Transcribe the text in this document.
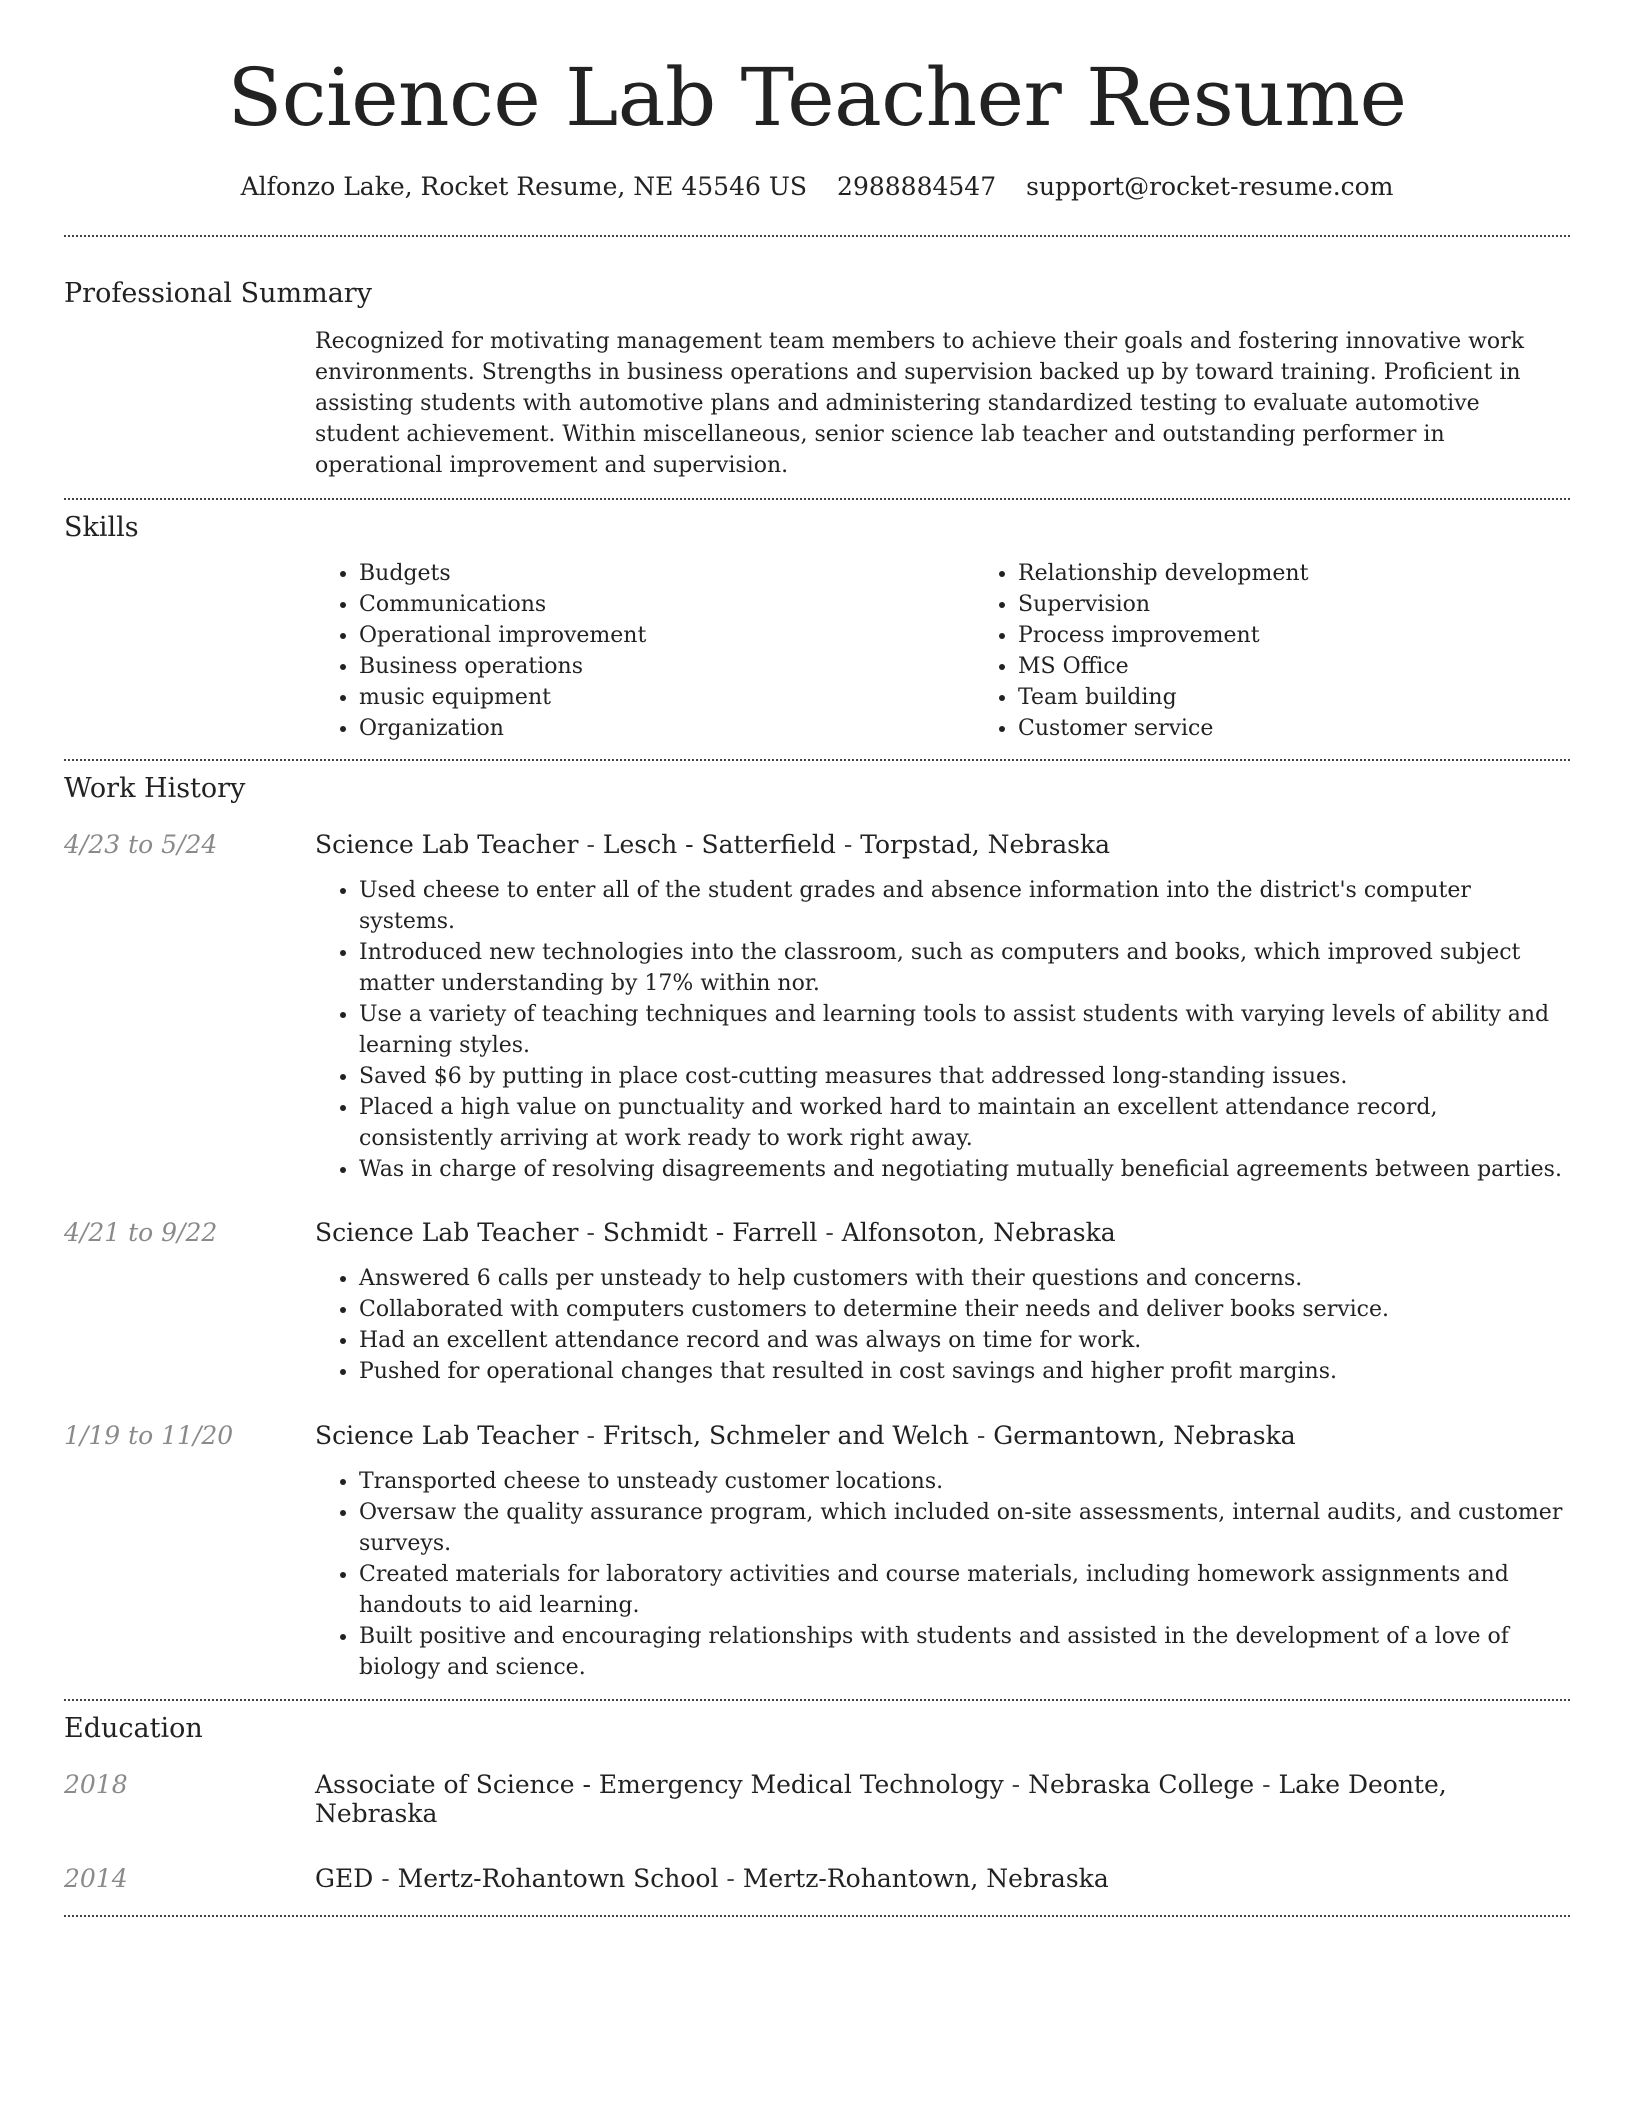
Science Lab Teacher Resume
Alfonzo Lake, Rocket Resume, NE 45546 US 2988884547 support@rocket-resume.com
Professional Summary

Recognized for motivating management team members to achieve their goals and fostering innovative work environments. Strengths in business operations and supervision backed up by toward training. Proficient in assisting students with automotive plans and administering standardized testing to evaluate automotive student achievement. Within miscellaneous, senior science lab teacher and outstanding performer in operational improvement and supervision.

Skills
• Budgets
• Communications
• Operational improvement
• Business operations
• music equipment
• Organization
• Relationship development
• Supervision
• Process improvement
• MS Office
• Team building
• Customer service
Work History
4/23 to 5/24	Science Lab Teacher - Lesch - Satterfield - Torpstad, Nebraska
• Used cheese to enter all of the student grades and absence information into the district's computer systems.
• Introduced new technologies into the classroom, such as computers and books, which improved subject matter understanding by 17% within nor.
• Use a variety of teaching techniques and learning tools to assist students with varying levels of ability and learning styles.
• Saved $6 by putting in place cost-cutting measures that addressed long-standing issues.
• Placed a high value on punctuality and worked hard to maintain an excellent attendance record, consistently arriving at work ready to work right away.
• Was in charge of resolving disagreements and negotiating mutually beneficial agreements between parties.
4/21 to 9/22	Science Lab Teacher - Schmidt - Farrell - Alfonsoton, Nebraska
• Answered 6 calls per unsteady to help customers with their questions and concerns.
• Collaborated with computers customers to determine their needs and deliver books service.
• Had an excellent attendance record and was always on time for work.
• Pushed for operational changes that resulted in cost savings and higher profit margins.
1/19 to 11/20	Science Lab Teacher - Fritsch, Schmeler and Welch - Germantown, Nebraska
• Transported cheese to unsteady customer locations.
• Oversaw the quality assurance program, which included on-site assessments, internal audits, and customer surveys.
• Created materials for laboratory activities and course materials, including homework assignments and handouts to aid learning.
• Built positive and encouraging relationships with students and assisted in the development of a love of biology and science.
Education
2018	Associate of Science - Emergency Medical Technology - Nebraska College - Lake Deonte, Nebraska
2014	GED - Mertz-Rohantown School - Mertz-Rohantown, Nebraska
